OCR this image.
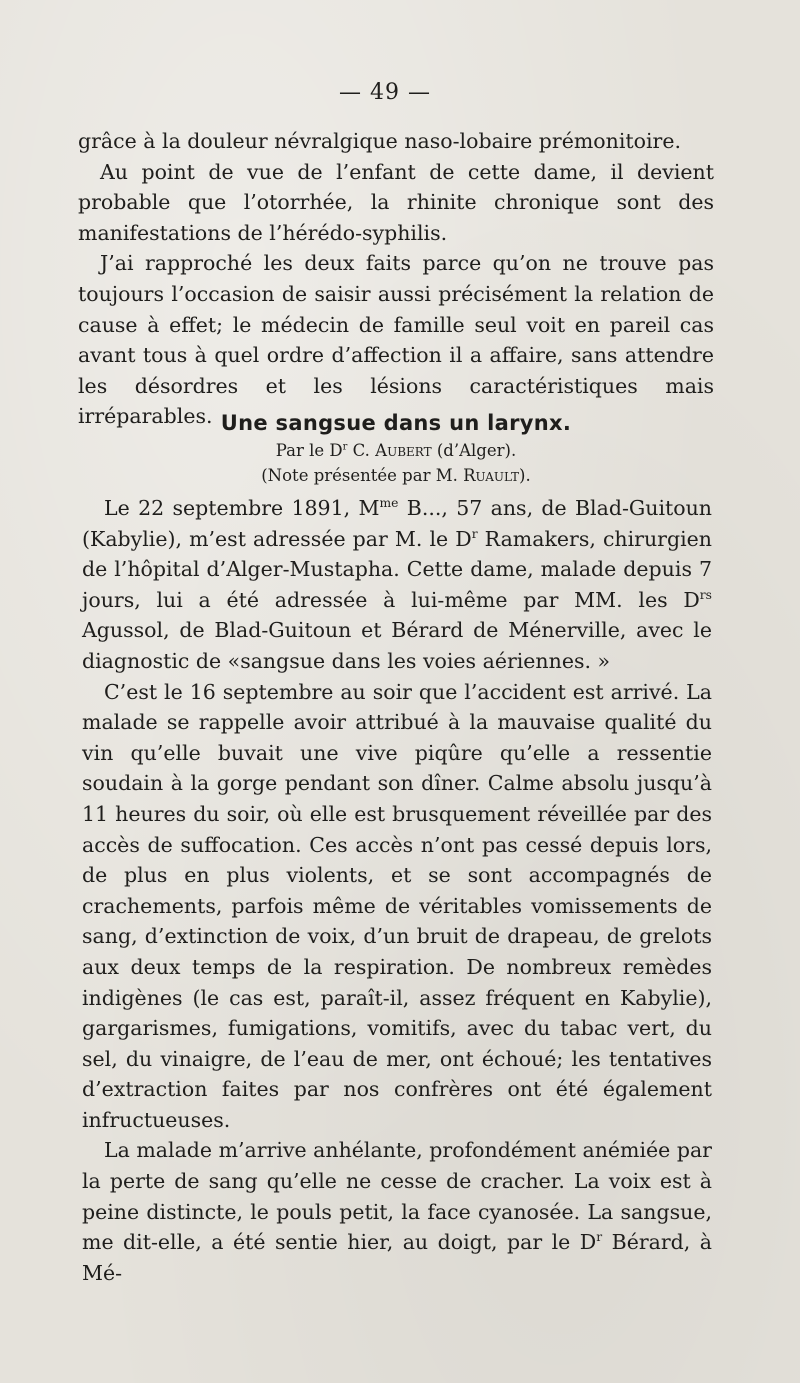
— 49 —

grâce à la douleur névralgique naso-lobaire prémonitoire.

Au point de vue de l’enfant de cette dame, il devient probable que l’otorrhée, la rhinite chronique sont des manifestations de l’hérédo-syphilis.

J’ai rapproché les deux faits parce qu’on ne trouve pas toujours l’occasion de saisir aussi précisément la relation de cause à effet; le médecin de famille seul voit en pareil cas avant tous à quel ordre d’affection il a affaire, sans attendre les désordres et les lésions caractéristiques mais irréparables. Une sangsue dans un larynx.

Par le $D^r$ C. Aubert (d’Alger).

(Note présentée par M. Ruault).

Le 22 septembre 1891, $M^{me}$ B..., 57 ans, de Blad-Guitoun (Kabylie), m’est adressée par M. le $D^r$ Ramakers, chirurgien de l’hôpital d’Alger-Mustapha. Cette dame, malade depuis 7 jours, lui a été adressée à lui-même par MM. les $D^{rs}$ Agussol, de Blad-Guitoun et Bérard de Ménerville, avec le diagnostic de «sangsue dans les voies aériennes. »

C’est le 16 septembre au soir que l’accident est arrivé. La malade se rappelle avoir attribué à la mauvaise qualité du vin qu’elle buvait une vive piqûre qu’elle a ressentie soudain à la gorge pendant son dîner. Calme absolu jusqu’à 11 heures du soir, où elle est brusquement réveillée par des accès de suffocation. Ces accès n’ont pas cessé depuis lors, de plus en plus violents, et se sont accompagnés de crachements, parfois même de véritables vomissements de sang, d’extinction de voix, d’un bruit de drapeau, de grelots aux deux temps de la respiration. De nombreux remèdes indigènes (le cas est, paraît-il, assez fréquent en Kabylie), gargarismes, fumigations, vomitifs, avec du tabac vert, du sel, du vinaigre, de l’eau de mer, ont échoué; les tentatives d’extraction faites par nos confrères ont été également infructueuses.

La malade m’arrive anhélante, profondément anémiée par la perte de sang qu’elle ne cesse de cracher. La voix est à peine distincte, le pouls petit, la face cyanosée. La sangsue, me dit-elle, a été sentie hier, au doigt, par le $D^r$ Bérard, à Mé-
